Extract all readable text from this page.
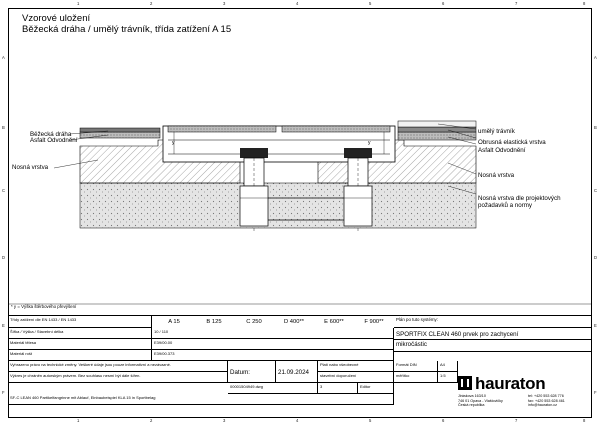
1	2	3	4	5	6	7	8
1	2	3	4	5	6	7	8
A
B
C
D
E
F
A
B
C
D
E
F
Vzorové uložení
Běžecká dráha / umělý trávník, třída zatížení A 15
y	y
Běžecká dráha
Asfalt Odvodnění
Nosná vrstva
umělý trávník
Obrusná elastická vrstva
Asfalt Odvodnění
Nosná vrstva
Nosná vrstva dle projektových
požadavků a normy
* y = Výška štěrbového převýšení
Třídy zatížení dle EN 1433 / EN 1433	A 15	B 125	C 250	D 400**	E 600**	F 900**
Šířka / Výška / Stavební délka	10 / 110
Materiál tělesa	E39/00.00
Materiál rošt	E39/00.373
Vyhrazeno právo na technické změny. Veškeré údaje jsou pouze informativní a nezávazné.
Výkres je chráněn autorským právem. Bez souhlasu nesmí být dále šířen.	Datum:	21.09.2024
Platí nabo všeobecné
stavební doporučení
00001504949.dwg	3	Editor
SF-C LEAN 460 Partikelfangrinne mit Ablauf, Einbaubeispiel KLA 15 in Sportbelag
Plán po tuto systémy:
SPORTFIX CLEAN 460 prvek pro zachycení
mikročástic
Formát DIN	A4
měřítko	1:5	hauraton
Jiráskova 163/10
746 01 Opava - Vlaštovičky
Česká republika
tel: +420 553 628 776
fax: +420 553 628 461
info@hauraton.cz
